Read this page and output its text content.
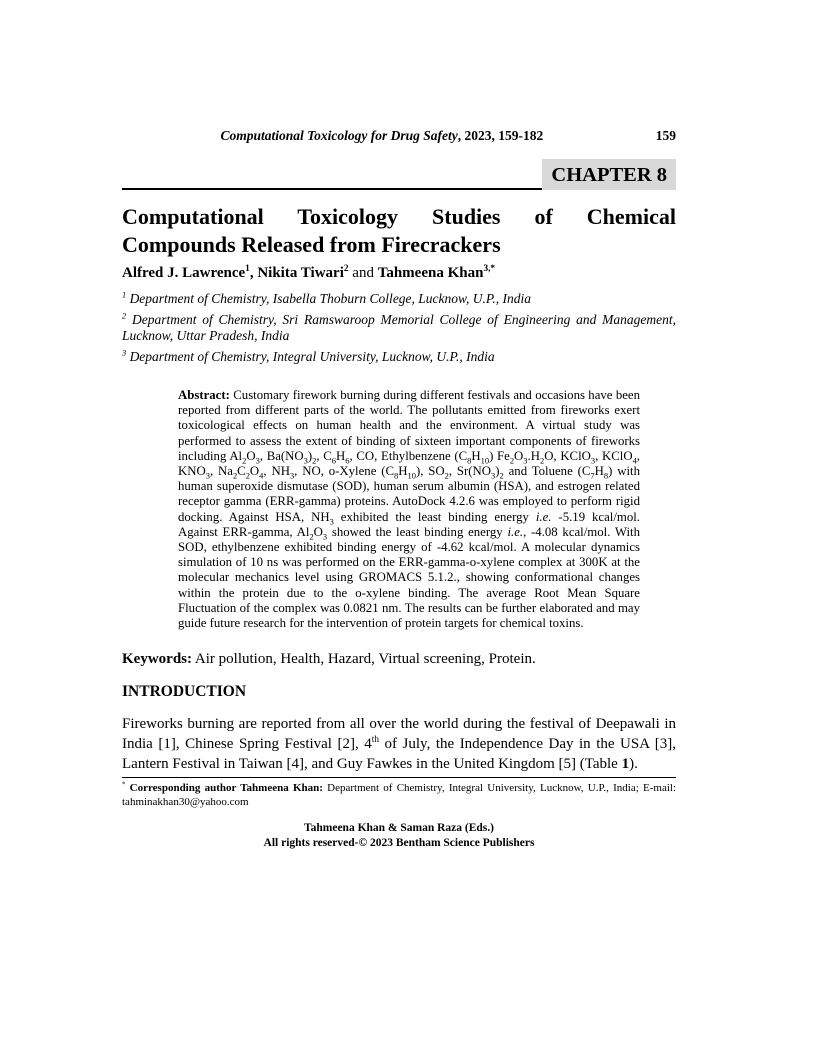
Computational Toxicology for Drug Safety, 2023, 159-182	159
CHAPTER 8
Computational Toxicology Studies of Chemical Compounds Released from Firecrackers

Alfred J. Lawrence$^1$, Nikita Tiwari$^2$ and Tahmeena Khan$^{3,*}$

$^1$ Department of Chemistry, Isabella Thoburn College, Lucknow, U.P., India

$^2$ Department of Chemistry, Sri Ramswaroop Memorial College of Engineering and Management, Lucknow, Uttar Pradesh, India

$^3$ Department of Chemistry, Integral University, Lucknow, U.P., India

Abstract: Customary firework burning during different festivals and occasions have been reported from different parts of the world. The pollutants emitted from fireworks exert toxicological effects on human health and the environment. A virtual study was performed to assess the extent of binding of sixteen important components of fireworks including $Al_2O_3$, $Ba(NO_3)_2$, $C_6H_6$, CO, Ethylbenzene $(C_8H_{10})$ $Fe_2O_3.H_2O$, KClO$_3$, KClO$_4$, $KNO_3$, $Na_2C_2O_4$, $NH_3$, NO, o-Xylene $(C_8H_{10})$, $SO_2$, $Sr(NO_3)_2$ and Toluene $(C_7H_8)$ with human superoxide dismutase (SOD), human serum albumin (HSA), and estrogen related receptor gamma (ERR-gamma) proteins. AutoDock 4.2.6 was employed to perform rigid docking. Against HSA, $NH_3$ exhibited the least binding energy i.e. -5.19 kcal/mol. Against ERR-gamma, $Al_2O_3$ showed the least binding energy i.e., -4.08 kcal/mol. With SOD, ethylbenzene exhibited binding energy of -4.62 kcal/mol. A molecular dynamics simulation of 10 ns was performed on the ERR-gamma-o-xylene complex at 300K at the molecular mechanics level using GROMACS 5.1.2., showing conformational changes within the protein due to the o-xylene binding. The average Root Mean Square Fluctuation of the complex was 0.0821 nm. The results can be further elaborated and may guide future research for the intervention of protein targets for chemical toxins.

Keywords: Air pollution, Health, Hazard, Virtual screening, Protein.

INTRODUCTION

Fireworks burning are reported from all over the world during the festival of Deepawali in India [1], Chinese Spring Festival [2], 4th of July, the Independence Day in the USA [3], Lantern Festival in Taiwan [4], and Guy Fawkes in the United Kingdom [5] (Table 1).

* Corresponding author Tahmeena Khan: Department of Chemistry, Integral University, Lucknow, U.P., India; E-mail: tahminakhan30@yahoo.com
Tahmeena Khan & Saman Raza (Eds.)
All rights reserved-© 2023 Bentham Science Publishers
